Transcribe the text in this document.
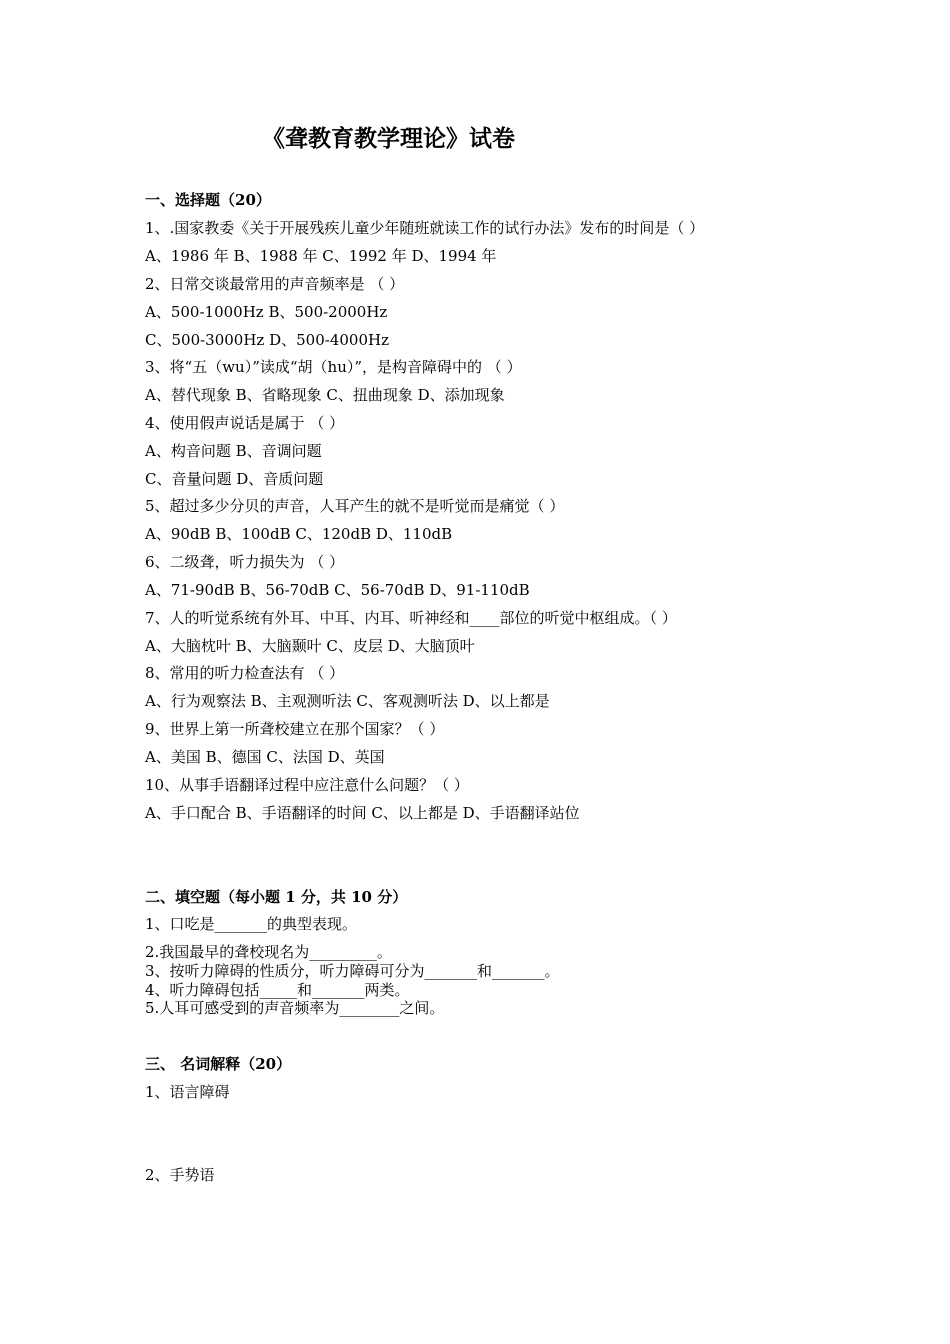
《聋教育教学理论》试卷
一、选择题（20）
1、.国家教委《关于开展残疾儿童少年随班就读工作的试行办法》发布的时间是（ ）
A、1986 年 B、1988 年 C、1992 年 D、1994 年
2、日常交谈最常用的声音频率是 （ ）
A、500-1000Hz B、500-2000Hz
C、500-3000Hz D、500-4000Hz
3、将“五（wu）”读成“胡（hu）”，是构音障碍中的 （ ）
A、替代现象 B、省略现象 C、扭曲现象 D、添加现象
4、使用假声说话是属于 （ ）
A、构音问题 B、音调问题
C、音量问题 D、音质问题
5、超过多少分贝的声音，人耳产生的就不是听觉而是痛觉（ ）
A、90dB B、100dB C、120dB D、110dB
6、二级聋，听力损失为 （ ）
A、71-90dB B、56-70dB C、56-70dB D、91-110dB
7、人的听觉系统有外耳、中耳、内耳、听神经和____部位的听觉中枢组成。（ ）
A、大脑枕叶 B、大脑颞叶 C、皮层 D、大脑顶叶
8、常用的听力检查法有 （ ）
A、行为观察法 B、主观测听法 C、客观测听法 D、以上都是
9、世界上第一所聋校建立在那个国家？（ ）
A、美国 B、德国 C、法国 D、英国
10、从事手语翻译过程中应注意什么问题？（ ）
A、手口配合 B、手语翻译的时间 C、以上都是 D、手语翻译站位
二、填空题（每小题 1 分，共 10 分）
1、口吃是_______的典型表现。
2.我国最早的聋校现名为_________。
3、按听力障碍的性质分，听力障碍可分为_______和_______。
4、听力障碍包括_____和_______两类。
5.人耳可感受到的声音频率为________之间。
三、 名词解释（20）
1、语言障碍
2、手势语
